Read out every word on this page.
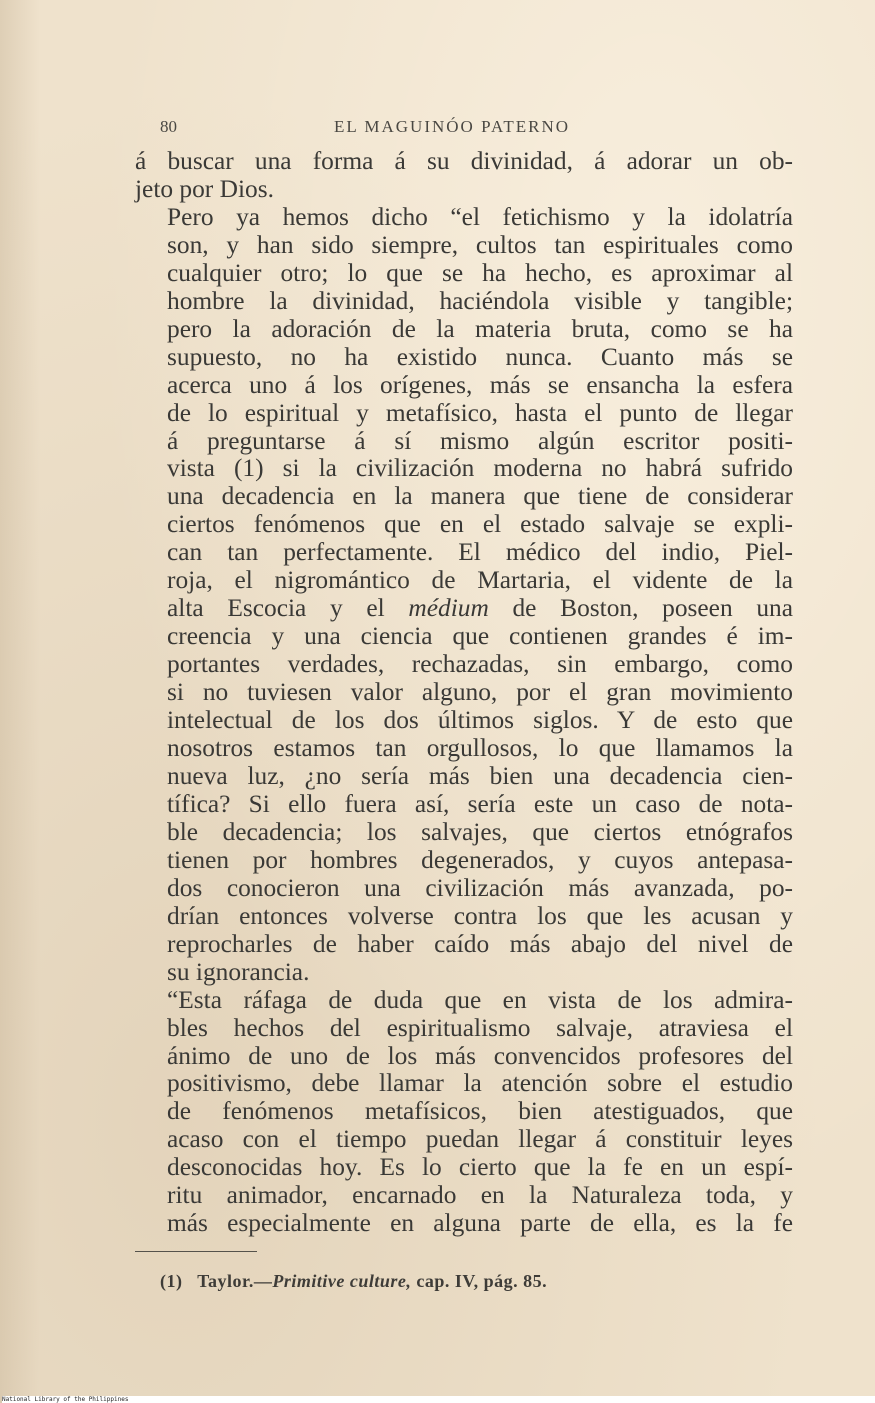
80	EL MAGUINÓO PATERNO

á buscar una forma á su divinidad, á adorar un ob-
jeto por Dios.

Pero ya hemos dicho “el fetichismo y la idolatría
son, y han sido siempre, cultos tan espirituales como
cualquier otro; lo que se ha hecho, es aproximar al
hombre la divinidad, haciéndola visible y tangible;
pero la adoración de la materia bruta, como se ha
supuesto, no ha existido nunca. Cuanto más se
acerca uno á los orígenes, más se ensancha la esfera
de lo espiritual y metafísico, hasta el punto de llegar
á preguntarse á sí mismo algún escritor positi-
vista (1) si la civilización moderna no habrá sufrido
una decadencia en la manera que tiene de considerar
ciertos fenómenos que en el estado salvaje se expli-
can tan perfectamente. El médico del indio, Piel-
roja, el nigromántico de Martaria, el vidente de la
alta Escocia y el médium de Boston, poseen una
creencia y una ciencia que contienen grandes é im-
portantes verdades, rechazadas, sin embargo, como
si no tuviesen valor alguno, por el gran movimiento
intelectual de los dos últimos siglos. Y de esto que
nosotros estamos tan orgullosos, lo que llamamos la
nueva luz, ¿no sería más bien una decadencia cien-
tífica? Si ello fuera así, sería este un caso de nota-
ble decadencia; los salvajes, que ciertos etnógrafos
tienen por hombres degenerados, y cuyos antepasa-
dos conocieron una civilización más avanzada, po-
drían entonces volverse contra los que les acusan y
reprocharles de haber caído más abajo del nivel de
su ignorancia.

“Esta ráfaga de duda que en vista de los admira-
bles hechos del espiritualismo salvaje, atraviesa el
ánimo de uno de los más convencidos profesores del
positivismo, debe llamar la atención sobre el estudio
de fenómenos metafísicos, bien atestiguados, que
acaso con el tiempo puedan llegar á constituir leyes
desconocidas hoy. Es lo cierto que la fe en un espí-
ritu animador, encarnado en la Naturaleza toda, y
más especialmente en alguna parte de ella, es la fe

(1) Taylor.—Primitive culture, cap. IV, pág. 85.
National Library of the Philippines
